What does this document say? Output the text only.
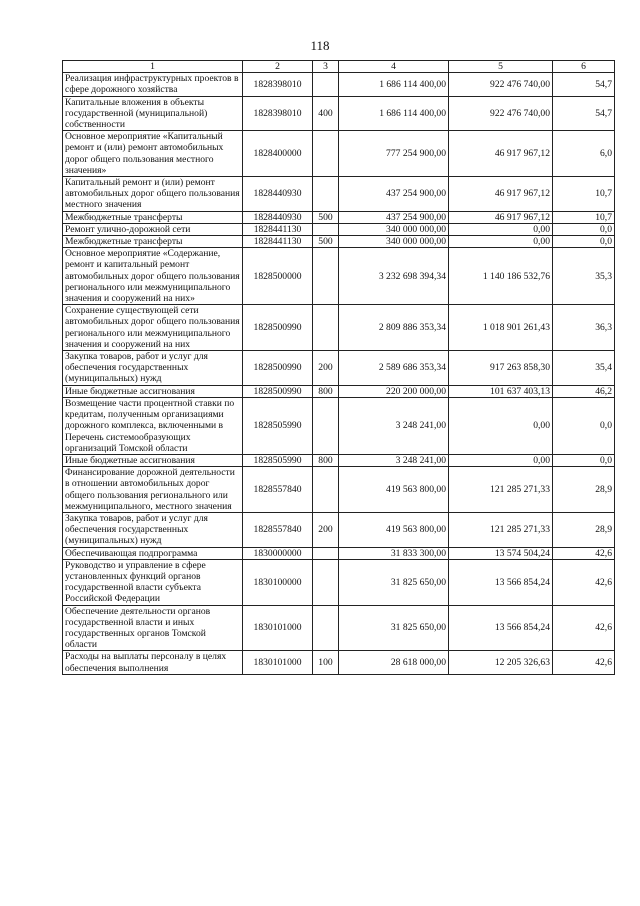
118
1	2	3	4	5	6
Реализация инфраструктурных проектов в сфере дорожного хозяйства	1828398010		1 686 114 400,00	922 476 740,00	54,7
Капитальные вложения в объекты государственной (муниципальной) собственности	1828398010	400	1 686 114 400,00	922 476 740,00	54,7
Основное мероприятие «Капитальный ремонт и (или) ремонт автомобильных дорог общего пользования местного значения»	1828400000		777 254 900,00	46 917 967,12	6,0
Капитальный ремонт и (или) ремонт автомобильных дорог общего пользования местного значения	1828440930		437 254 900,00	46 917 967,12	10,7
Межбюджетные трансферты	1828440930	500	437 254 900,00	46 917 967,12	10,7
Ремонт улично-дорожной сети	1828441130		340 000 000,00	0,00	0,0
Межбюджетные трансферты	1828441130	500	340 000 000,00	0,00	0,0
Основное мероприятие «Содержание, ремонт и капитальный ремонт автомобильных дорог общего пользования регионального или межмуниципального значения и сооружений на них»	1828500000		3 232 698 394,34	1 140 186 532,76	35,3
Сохранение существующей сети автомобильных дорог общего пользования регионального или межмуниципального значения и сооружений на них	1828500990		2 809 886 353,34	1 018 901 261,43	36,3
Закупка товаров, работ и услуг для обеспечения государственных (муниципальных) нужд	1828500990	200	2 589 686 353,34	917 263 858,30	35,4
Иные бюджетные ассигнования	1828500990	800	220 200 000,00	101 637 403,13	46,2
Возмещение части процентной ставки по кредитам, полученным организациями дорожного комплекса, включенными в Перечень системообразующих организаций Томской области	1828505990		3 248 241,00	0,00	0,0
Иные бюджетные ассигнования	1828505990	800	3 248 241,00	0,00	0,0
Финансирование дорожной деятельности в отношении автомобильных дорог общего пользования регионального или межмуниципального, местного значения	1828557840		419 563 800,00	121 285 271,33	28,9
Закупка товаров, работ и услуг для обеспечения государственных (муниципальных) нужд	1828557840	200	419 563 800,00	121 285 271,33	28,9
Обеспечивающая подпрограмма	1830000000		31 833 300,00	13 574 504,24	42,6
Руководство и управление в сфере установленных функций органов государственной власти субъекта Российской Федерации	1830100000		31 825 650,00	13 566 854,24	42,6
Обеспечение деятельности органов государственной власти и иных государственных органов Томской области	1830101000		31 825 650,00	13 566 854,24	42,6
Расходы на выплаты персоналу в целях обеспечения выполнения	1830101000	100	28 618 000,00	12 205 326,63	42,6
